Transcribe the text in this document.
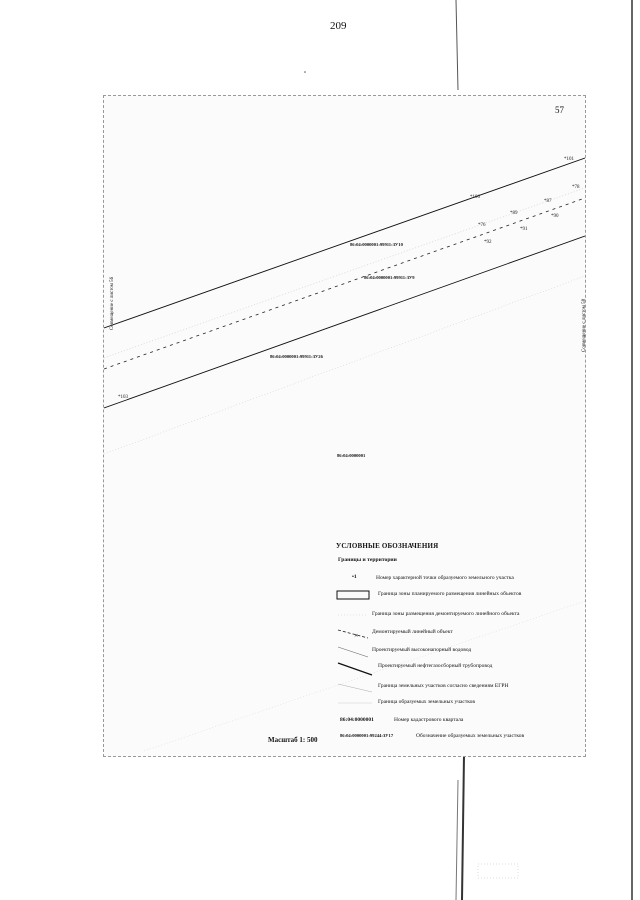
209
57
*101
*106
*87
*78
*89
*90
*76
*91
*92
*103
86:04:0000001:99911:ЗУ10
86:04:0000001:99911:ЗУ9
86:04:0000001:99911:ЗУ26
86:04:0000001
Совмещение с листом 56	Совмещение с листом 58
УСЛОВНЫЕ ОБОЗНАЧЕНИЯ
Границы и территории
•1	Номер характерной точки образуемого земельного участка
Граница зоны планируемого размещения линейных объектов
Граница зоны размещения демонтируемого линейного объекта
✕
Демонтируемый линейный объект
Проектируемый высоконапорный водовод
Проектируемый нефтегазосборный трубопровод
Граница земельных участков согласно сведениям ЕГРН
Граница образуемых земельных участков
86:04:0000001	Номер кадастрового квартала
86:04:0000001:99244:ЗУ17	Обозначение образуемых земельных участков
Масштаб 1: 500
